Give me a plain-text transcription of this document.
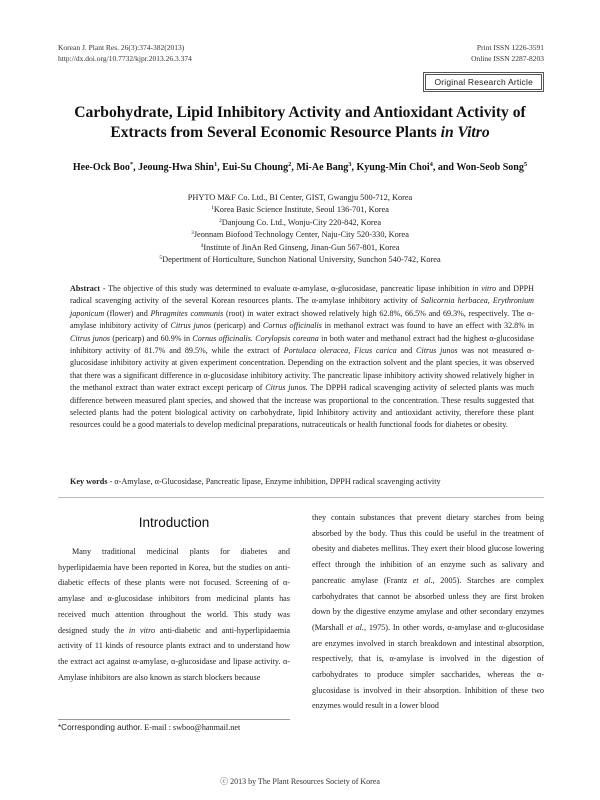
Korean J. Plant Res. 26(3):374-382(2013)
http://dx.doi.org/10.7732/kjpr.2013.26.3.374
Print ISSN 1226-3591
Online ISSN 2287-8203
Original Research Article
Carbohydrate, Lipid Inhibitory Activity and Antioxidant Activity of
Extracts from Several Economic Resource Plants in Vitro
Hee-Ock Boo*, Jeoung-Hwa Shin$^1$, Eui-Su Choung$^2$, Mi-Ae Bang$^3$, Kyung-Min Choi$^4$, and Won-Seob Song$^5$
PHYTO M&F Co. Ltd., BI Center, GIST, Gwangju 500-712, Korea
$^1$Korea Basic Science Institute, Seoul 136-701, Korea
$^2$Danjoung Co. Ltd., Wonju-City 220-842, Korea
$^3$Jeonnam Biofood Technology Center, Naju-City 520-330, Korea
$^4$Institute of JinAn Red Ginseng, Jinan-Gun 567-801, Korea
$^5$Depertment of Horticulture, Sunchon National University, Sunchon 540-742, Korea
Abstract - The objective of this study was determined to evaluate α-amylase, α-glucosidase, pancreatic lipase inhibition in vitro and DPPH radical scavenging activity of the several Korean resources plants. The α-amylase inhibitory activity of Salicornia herbacea, Erythronium japonicum (flower) and Phragmites communis (root) in water extract showed relatively high 62.8%, 66.5% and 69.3%, respectively. The α-amylase inhibitory activity of Citrus junos (pericarp) and Cornus officinalis in methanol extract was found to have an effect with 32.8% in Citrus junos (pericarp) and 60.9% in Cornus officinalis. Corylopsis coreana in both water and methanol extract had the highest α-glucosidase inhibitory activity of 81.7% and 89.5%, while the extract of Portulaca oleracea, Ficus carica and Citrus junos was not measured α-glucosidase inhibitory activity at given experiment concentration. Depending on the extraction solvent and the plant species, it was observed that there was a significant difference in α-glucosidase inhibitory activity. The pancreatic lipase inhibitory activity showed relatively higher in the methanol extract than water extract except pericarp of Citrus junos. The DPPH radical scavenging activity of selected plants was much difference between measured plant species, and showed that the increase was proportional to the concentration. These results suggested that selected plants had the potent biological activity on carbohydrate, lipid Inhibitory activity and antioxidant activity, therefore these plant resources could be a good materials to develop medicinal preparations, nutraceuticals or health functional foods for diabetes or obesity.
Key words - α-Amylase, α-Glucosidase, Pancreatic lipase, Enzyme inhibition, DPPH radical scavenging activity
Introduction
Many traditional medicinal plants for diabetes and hyperlipidaemia have been reported in Korea, but the studies on anti-diabetic effects of these plants were not focused. Screening of α-amylase and α-glucosidase inhibitors from medicinal plants has received much attention throughout the world. This study was designed study the in vitro anti-diabetic and anti-hyperlipidaemia activity of 11 kinds of resource plants extract and to understand how the extract act against α-amylase, α-glucosidase and lipase activity. α-Amylase inhibitors are also known as starch blockers because
they contain substances that prevent dietary starches from being absorbed by the body. Thus this could be useful in the treatment of obesity and diabetes mellitus. They exert their blood glucose lowering effect through the inhibition of an enzyme such as salivary and pancreatic amylase (Frantz et al., 2005). Starches are complex carbohydrates that cannot be absorbed unless they are first broken down by the digestive enzyme amylase and other secondary enzymes (Marshall et al., 1975). In other words, α-amylase and α-glucosidase are enzymes involved in starch breakdown and intestinal absorption, respectively, that is, α-amylase is involved in the digestion of carbohydrates to produce simpler saccharides, whereas the α-glucosidase is involved in their absorption. Inhibition of these two enzymes would result in a lower blood
*Corresponding author. E-mail : swboo@hanmail.net
ⓒ 2013 by The Plant Resources Society of Korea
